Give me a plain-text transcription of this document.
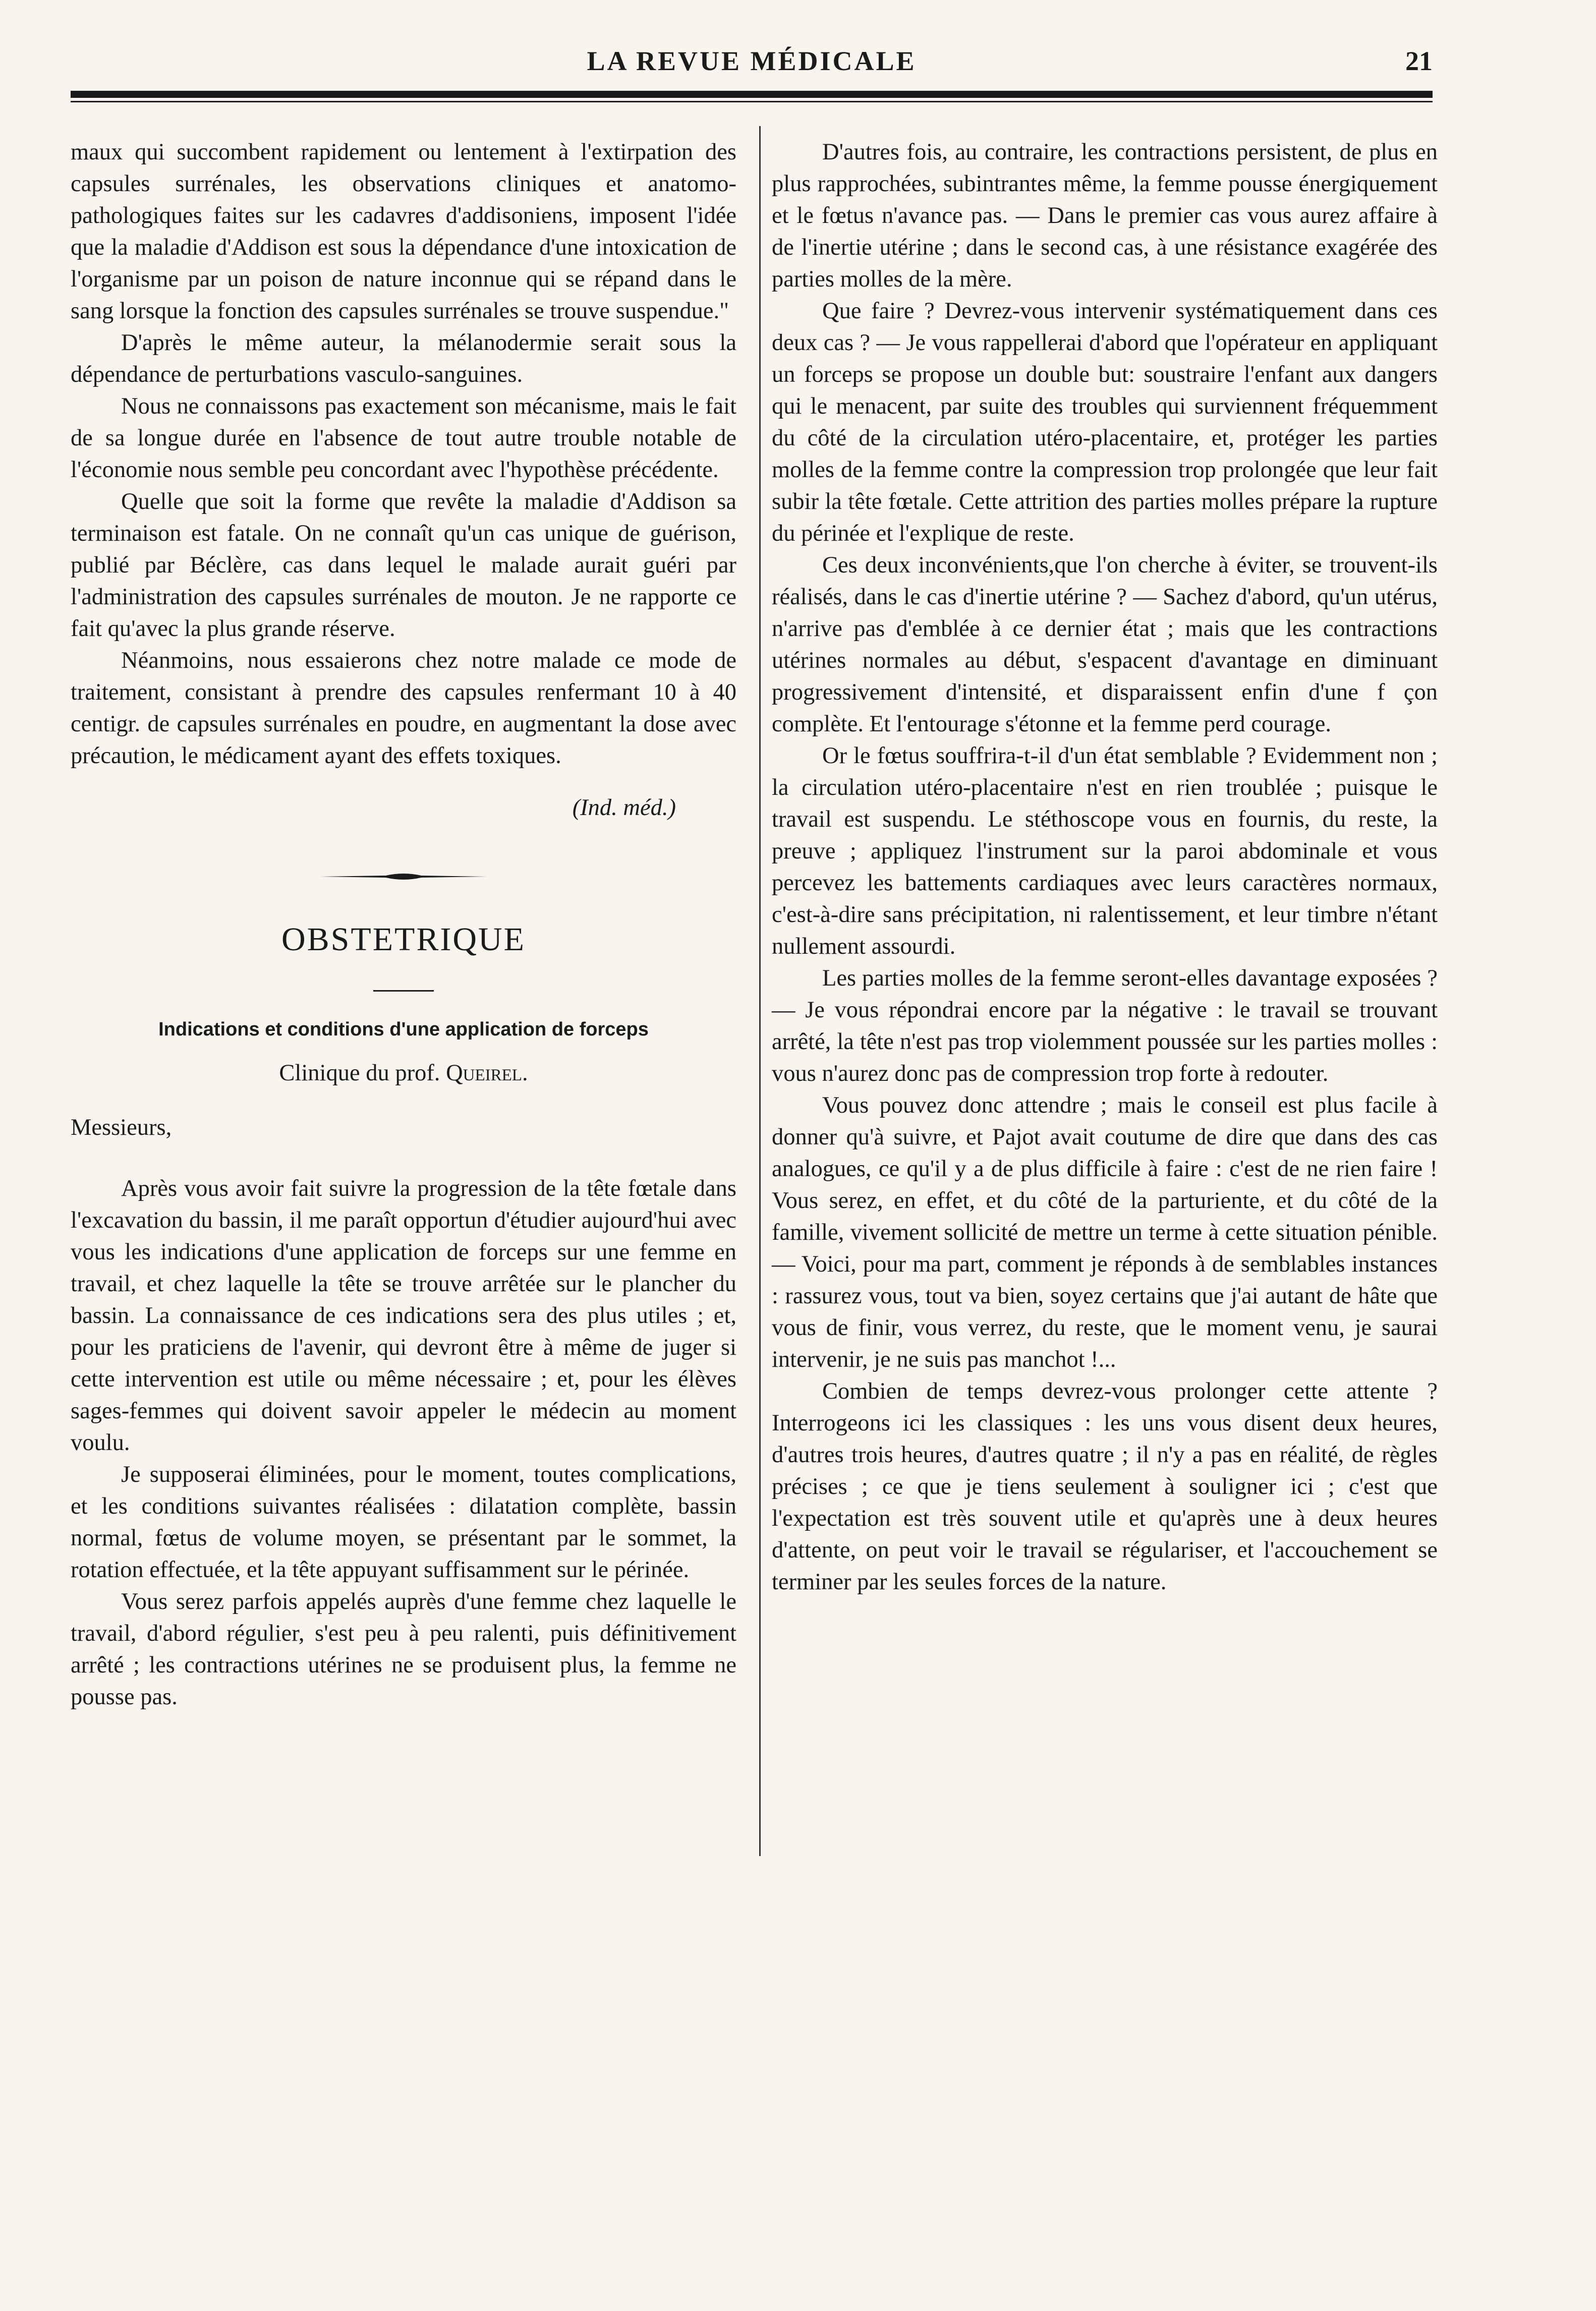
LA REVUE MÉDICALE	21

maux qui succombent rapidement ou lentement à l'extirpation des capsules surrénales, les observations cliniques et anatomo-pathologiques faites sur les cadavres d'addisoniens, imposent l'idée que la maladie d'Addison est sous la dépendance d'une intoxication de l'organisme par un poison de nature inconnue qui se répand dans le sang lorsque la fonction des capsules surrénales se trouve suspendue."

D'après le même auteur, la mélanodermie serait sous la dépendance de perturbations vasculo-sanguines.

Nous ne connaissons pas exactement son mécanisme, mais le fait de sa longue durée en l'absence de tout autre trouble notable de l'économie nous semble peu concordant avec l'hypothèse précédente.

Quelle que soit la forme que revête la maladie d'Addison sa terminaison est fatale. On ne connaît qu'un cas unique de guérison, publié par Béclère, cas dans lequel le malade aurait guéri par l'administration des capsules surrénales de mouton. Je ne rapporte ce fait qu'avec la plus grande réserve.

Néanmoins, nous essaierons chez notre malade ce mode de traitement, consistant à prendre des capsules renfermant 10 à 40 centigr. de capsules surrénales en poudre, en augmentant la dose avec précaution, le médicament ayant des effets toxiques.

(Ind. méd.)

OBSTETRIQUE
Indications et conditions d'une application de forceps
Clinique du prof. Queirel.

Messieurs,

Après vous avoir fait suivre la progression de la tête fœtale dans l'excavation du bassin, il me paraît opportun d'étudier aujourd'hui avec vous les indications d'une application de forceps sur une femme en travail, et chez laquelle la tête se trouve arrêtée sur le plancher du bassin. La connaissance de ces indications sera des plus utiles ; et, pour les praticiens de l'avenir, qui devront être à même de juger si cette intervention est utile ou même nécessaire ; et, pour les élèves sages-femmes qui doivent savoir appeler le médecin au moment voulu.

Je supposerai éliminées, pour le moment, toutes complications, et les conditions suivantes réalisées : dilatation complète, bassin normal, fœtus de volume moyen, se présentant par le sommet, la rotation effectuée, et la tête appuyant suffisamment sur le périnée.

Vous serez parfois appelés auprès d'une femme chez laquelle le travail, d'abord régulier, s'est peu à peu ralenti, puis définitivement arrêté ; les contractions utérines ne se produisent plus, la femme ne pousse pas.

D'autres fois, au contraire, les contractions persistent, de plus en plus rapprochées, subintrantes même, la femme pousse énergiquement et le fœtus n'avance pas. — Dans le premier cas vous aurez affaire à de l'inertie utérine ; dans le second cas, à une résistance exagérée des parties molles de la mère.

Que faire ? Devrez-vous intervenir systématiquement dans ces deux cas ? — Je vous rappellerai d'abord que l'opérateur en appliquant un forceps se propose un double but: soustraire l'enfant aux dangers qui le menacent, par suite des troubles qui surviennent fréquemment du côté de la circulation utéro-placentaire, et, protéger les parties molles de la femme contre la compression trop prolongée que leur fait subir la tête fœtale. Cette attrition des parties molles prépare la rupture du périnée et l'explique de reste.

Ces deux inconvénients,que l'on cherche à éviter, se trouvent-ils réalisés, dans le cas d'inertie utérine ? — Sachez d'abord, qu'un utérus, n'arrive pas d'emblée à ce dernier état ; mais que les contractions utérines normales au début, s'espacent d'avantage en diminuant progressivement d'intensité, et disparaissent enfin d'une f çon complète. Et l'entourage s'étonne et la femme perd courage.

Or le fœtus souffrira-t-il d'un état semblable ? Evidemment non ; la circulation utéro-placentaire n'est en rien troublée ; puisque le travail est suspendu. Le stéthoscope vous en fournis, du reste, la preuve ; appliquez l'instrument sur la paroi abdominale et vous percevez les battements cardiaques avec leurs caractères normaux, c'est-à-dire sans précipitation, ni ralentissement, et leur timbre n'étant nullement assourdi.

Les parties molles de la femme seront-elles davantage exposées ? — Je vous répondrai encore par la négative : le travail se trouvant arrêté, la tête n'est pas trop violemment poussée sur les parties molles : vous n'aurez donc pas de compression trop forte à redouter.

Vous pouvez donc attendre ; mais le conseil est plus facile à donner qu'à suivre, et Pajot avait coutume de dire que dans des cas analogues, ce qu'il y a de plus difficile à faire : c'est de ne rien faire ! Vous serez, en effet, et du côté de la parturiente, et du côté de la famille, vivement sollicité de mettre un terme à cette situation pénible. — Voici, pour ma part, comment je réponds à de semblables instances : rassurez vous, tout va bien, soyez certains que j'ai autant de hâte que vous de finir, vous verrez, du reste, que le moment venu, je saurai intervenir, je ne suis pas manchot !...

Combien de temps devrez-vous prolonger cette attente ? Interrogeons ici les classiques : les uns vous disent deux heures, d'autres trois heures, d'autres quatre ; il n'y a pas en réalité, de règles précises ; ce que je tiens seulement à souligner ici ; c'est que l'expectation est très souvent utile et qu'après une à deux heures d'attente, on peut voir le travail se régulariser, et l'accouchement se terminer par les seules forces de la nature.
